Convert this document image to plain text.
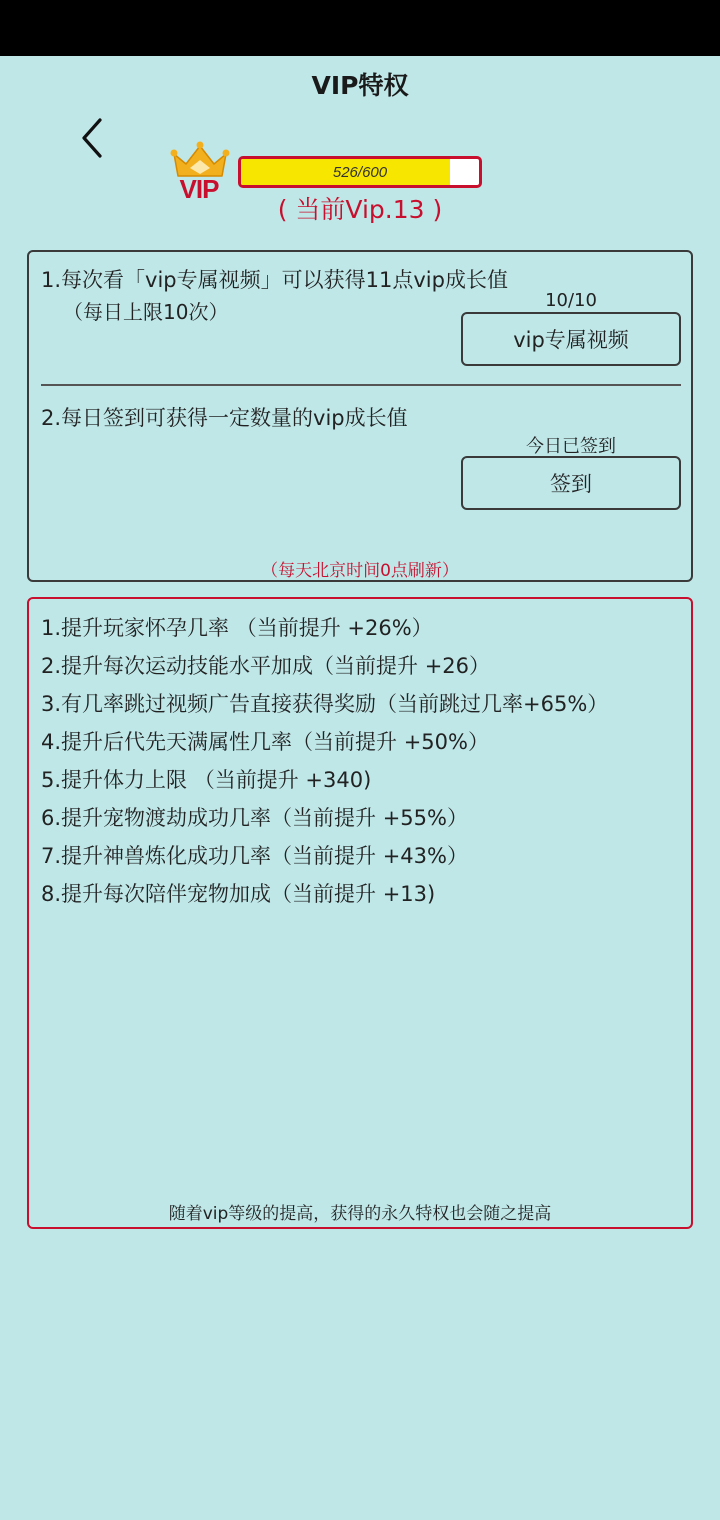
VIP特权
VIP
526/600
( 当前Vip.13 )
1.每次看「vip专属视频」可以获得11点vip成长值
（每日上限10次）	10/10
vip专属视频
2.每日签到可获得一定数量的vip成长值
今日已签到
签到
（每天北京时间0点刷新）
1.提升玩家怀孕几率 （当前提升 +26%）
2.提升每次运动技能水平加成（当前提升 +26）
3.有几率跳过视频广告直接获得奖励（当前跳过几率+65%）
4.提升后代先天满属性几率（当前提升 +50%）
5.提升体力上限 （当前提升 +340)
6.提升宠物渡劫成功几率（当前提升 +55%）
7.提升神兽炼化成功几率（当前提升 +43%）
8.提升每次陪伴宠物加成（当前提升 +13)
随着vip等级的提高，获得的永久特权也会随之提高
